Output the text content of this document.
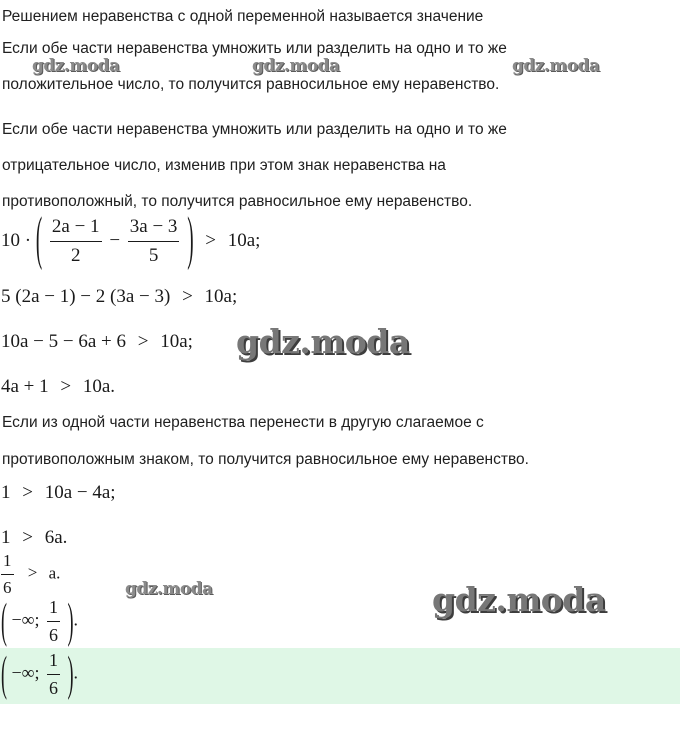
Решением неравенства с одной переменной называется значение
Если обе части неравенства умножить или разделить на одно и то же
положительное число, то получится равносильное ему неравенство.
Если обе части неравенства умножить или разделить на одно и то же
отрицательное число, изменив при этом знак неравенства на
противоположный, то получится равносильное ему неравенство.
Если из одной части неравенства перенести в другую слагаемое с
противоположным знаком, то получится равносильное ему неравенство.
10 · ( $\frac{2a - 1}{2} - \frac{3a - 3}{5}$ ) > 10a;
5 (2a − 1) − 2 (3a − 3) > 10a;
10a − 5 − 6a + 6 > 10a;
4a + 1 > 10a.
1 > 10a − 4a;
1 > 6a.
$\frac{1}{6} > a$.
( −∞; $\frac{1}{6}$ ).
( −∞; $\frac{1}{6}$ ).
gdz.moda	gdz.moda	gdz.moda
gdz.moda
gdz.moda	gdz.moda
